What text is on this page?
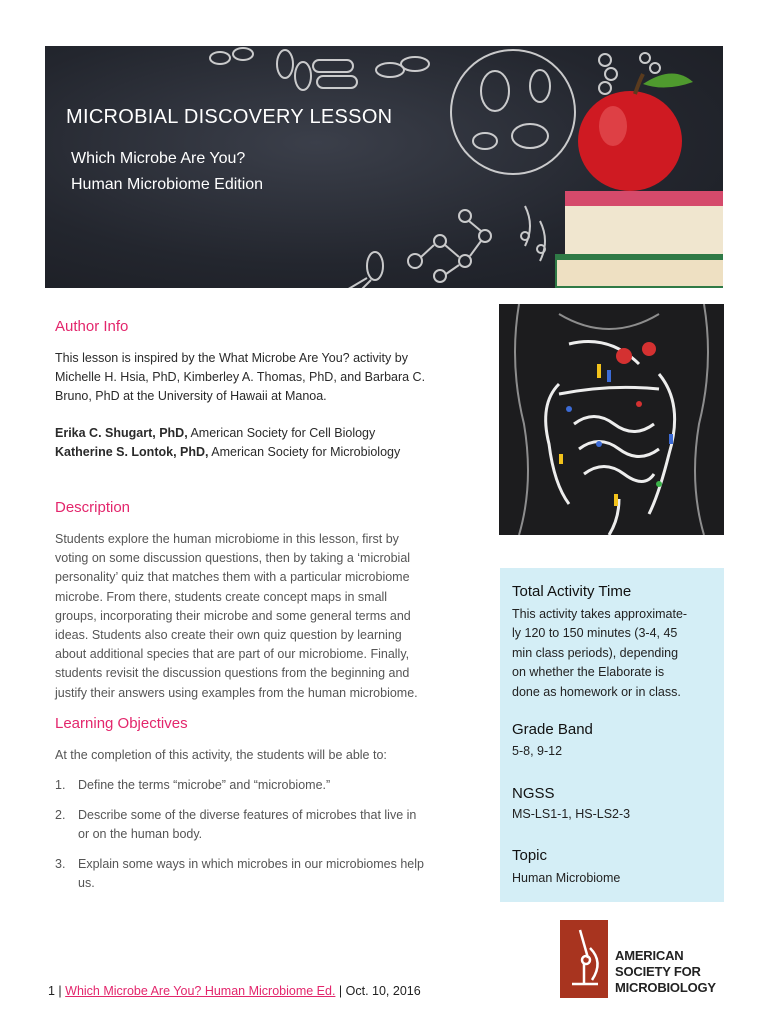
MICROBIAL DISCOVERY LESSON
Which Microbe Are You?
Human Microbiome Edition
Author Info
This lesson is inspired by the What Microbe Are You? activity by
Michelle H. Hsia, PhD, Kimberley A. Thomas, PhD, and Barbara C.
Bruno, PhD at the University of Hawaii at Manoa.
Erika C. Shugart, PhD, American Society for Cell Biology
Katherine S. Lontok, PhD, American Society for Microbiology
Description
Students explore the human microbiome in this lesson, first by
voting on some discussion questions, then by taking a ‘microbial
personality’ quiz that matches them with a particular microbiome
microbe. From there, students create concept maps in small
groups, incorporating their microbe and some general terms and
ideas. Students also create their own quiz question by learning
about additional species that are part of our microbiome. Finally,
students revisit the discussion questions from the beginning and
justify their answers using examples from the human microbiome.
Learning Objectives
At the completion of this activity, the students will be able to:
1. Define the terms “microbe” and “microbiome.”
2. Describe some of the diverse features of microbes that live in
or on the human body.
3. Explain some ways in which microbes in our microbiomes help
us.
Total Activity Time
This activity takes approximate-
ly 120 to 150 minutes (3-4, 45
min class periods), depending
on whether the Elaborate is
done as homework or in class.
Grade Band
5-8, 9-12
NGSS
MS-LS1-1, HS-LS2-3
Topic
Human Microbiome
AMERICAN
SOCIETY FOR
MICROBIOLOGY
1 | Which Microbe Are You? Human Microbiome Ed. | Oct. 10, 2016
